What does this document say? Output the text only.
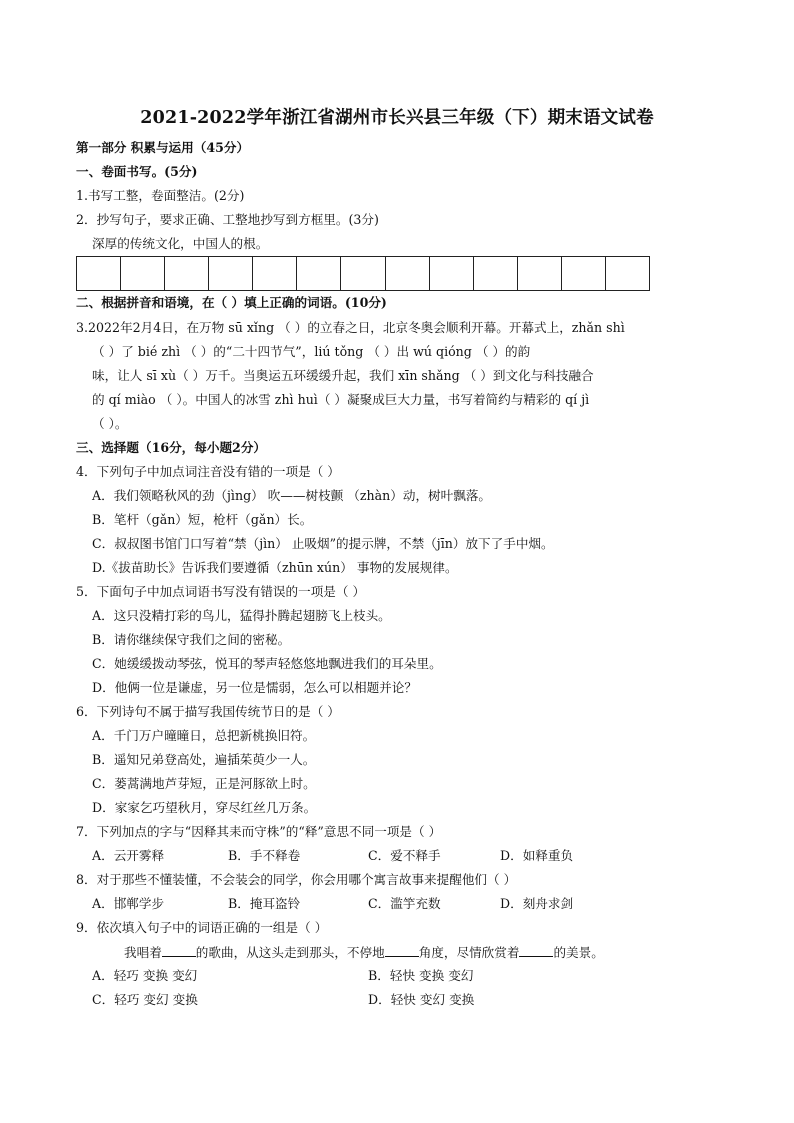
2021-2022学年浙江省湖州市长兴县三年级（下）期末语文试卷
第一部分 积累与运用（45分）
一、卷面书写。(5分)
1.书写工整，卷面整洁。(2分)
2．抄写句子，要求正确、工整地抄写到方框里。(3分)
深厚的传统文化，中国人的根。
二、根据拼音和语境，在（ ）填上正确的词语。(10分)
3.2022年2月4日，在万物 sū xǐng （ ）的立春之日，北京冬奥会顺利开幕。开幕式上，zhǎn shì
（ ）了 bié zhì （ ）的“二十四节气”，liú tǒng （ ）出 wú qióng （ ）的韵
味，让人 sī xù（ ）万千。当奥运五环缓缓升起，我们 xīn shǎng （ ）到文化与科技融合
的 qí miào （ ）。中国人的冰雪 zhì huì（ ）凝聚成巨大力量，书写着简约与精彩的 qí jì
（ ）。
三、选择题（16分，每小题2分）
4．下列句子中加点词注音没有错的一项是（ ）
A．我们领略秋风的劲（jìng） 吹——树枝颤 （zhàn）动，树叶飘落。
B．笔杆（gǎn）短，枪杆（gǎn）长。
C．叔叔图书馆门口写着“禁（jìn） 止吸烟”的提示牌，不禁（jīn）放下了手中烟。
D.《拔苗助长》告诉我们要遵循（zhūn xún） 事物的发展规律。
5．下面句子中加点词语书写没有错误的一项是（ ）
A．这只没精打彩的鸟儿，猛得扑腾起翅膀飞上枝头。
B．请你继续保守我们之间的密秘。
C．她缓缓拨动琴弦，悦耳的琴声轻悠悠地飘进我们的耳朵里。
D．他俩一位是谦虚，另一位是懦弱，怎么可以相题并论？
6．下列诗句不属于描写我国传统节日的是（ ）
A．千门万户曈曈日，总把新桃换旧符。
B．遥知兄弟登高处，遍插茱萸少一人。
C．蒌蒿满地芦芽短，正是河豚欲上时。
D．家家乞巧望秋月，穿尽红丝几万条。
7．下列加点的字与“因释其耒而守株”的“释”意思不同一项是（ ）
A．云开雾释	B．手不释卷	C．爱不释手	D．如释重负
8．对于那些不懂装懂，不会装会的同学，你会用哪个寓言故事来提醒他们（ ）
A．邯郸学步	B．掩耳盗铃	C．滥竽充数	D．刻舟求剑
9．依次填入句子中的词语正确的一组是（ ）
我唱着	的歌曲，从这头走到那头，不停地	角度，尽情欣赏着	的美景。
A．轻巧 变换 变幻	B．轻快 变换 变幻
C．轻巧 变幻 变换	D．轻快 变幻 变换
